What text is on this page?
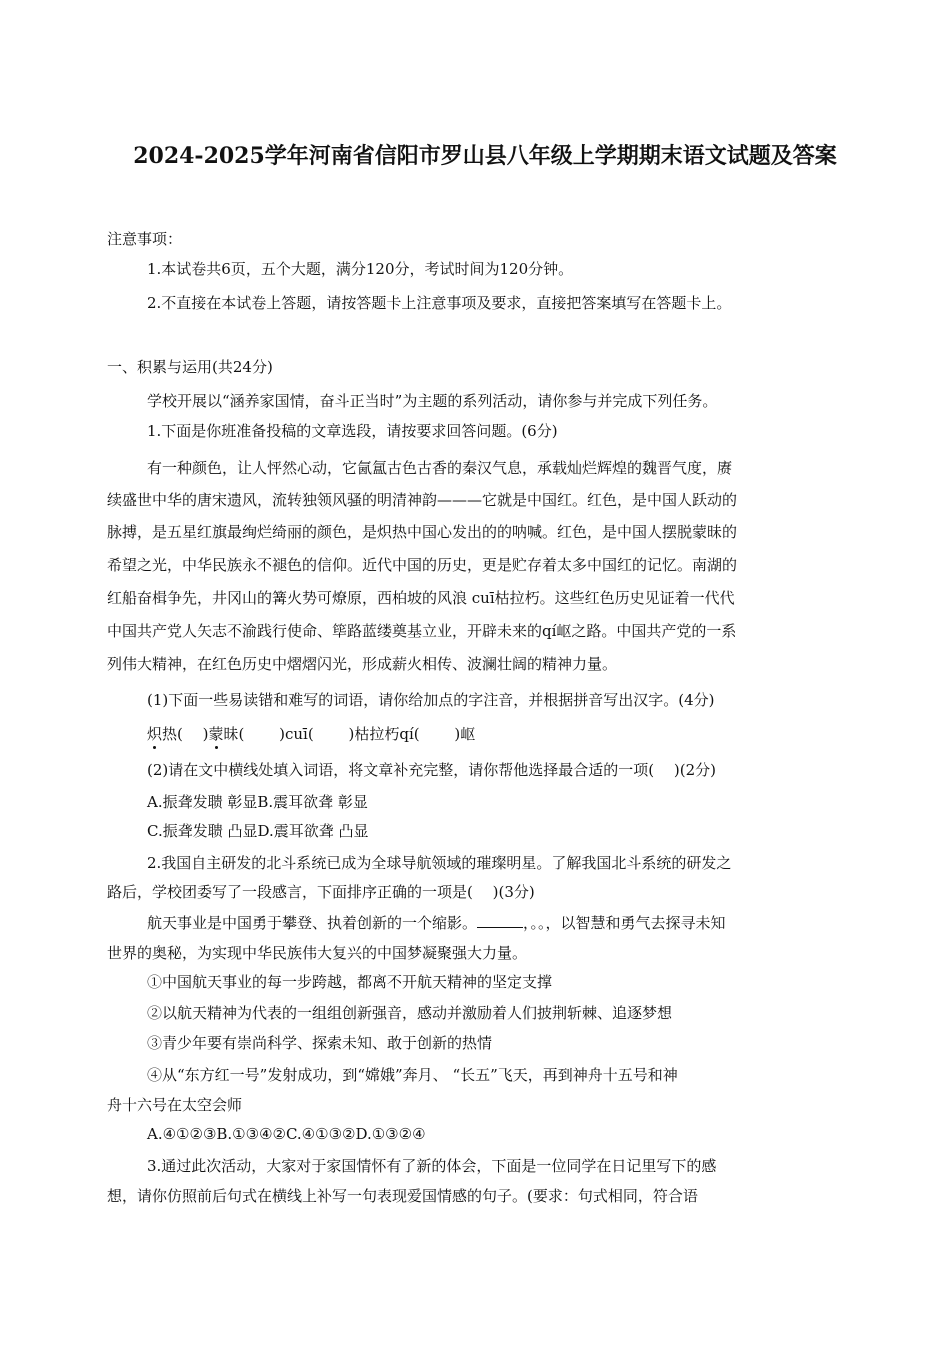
2024-2025学年河南省信阳市罗山县八年级上学期期末语文试题及答案
注意事项：
1.本试卷共6页，五个大题，满分120分，考试时间为120分钟。
2.不直接在本试卷上答题，请按答题卡上注意事项及要求，直接把答案填写在答题卡上。
一、积累与运用(共24分)
学校开展以“涵养家国情，奋斗正当时”为主题的系列活动，请你参与并完成下列任务。
1.下面是你班准备投稿的文章选段，请按要求回答问题。(6分)
有一种颜色，让人怦然心动，它氤氲古色古香的秦汉气息，承载灿烂辉煌的魏晋气度，赓
续盛世中华的唐宋遗风，流转独领风骚的明清神韵———它就是中国红。红色，是中国人跃动的
脉搏，是五星红旗最绚烂绮丽的颜色，是炽热中国心发出的的呐喊。红色，是中国人摆脱蒙昧的
希望之光，中华民族永不褪色的信仰。近代中国的历史，更是贮存着太多中国红的记忆。南湖的
红船奋楫争先，井冈山的篝火势可燎原，西柏坡的风浪 cuī枯拉朽。这些红色历史见证着一代代
中国共产党人矢志不渝践行使命、筚路蓝缕奠基立业，开辟未来的qí岖之路。中国共产党的一系
列伟大精神，在红色历史中熠熠闪光，形成薪火相传、波澜壮阔的精神力量。
(1)下面一些易读错和难写的词语，请你给加点的字注音，并根据拼音写出汉字。(4分)
炽热(　 )蒙昧(　 　)cuī(　 　)枯拉朽qí(　 　)岖
(2)请在文中横线处填入词语，将文章补充完整，请你帮他选择最合适的一项(　 )(2分)
A.振聋发聩 彰显B.震耳欲聋 彰显
C.振聋发聩 凸显D.震耳欲聋 凸显
2.我国自主研发的北斗系统已成为全球导航领域的璀璨明星。了解我国北斗系统的研发之
路后，学校团委写了一段感言，下面排序正确的一项是(　 )(3分)
航天事业是中国勇于攀登、执着创新的一个缩影。	，。。，以智慧和勇气去探寻未知
世界的奥秘，为实现中华民族伟大复兴的中国梦凝聚强大力量。
①中国航天事业的每一步跨越，都离不开航天精神的坚定支撑
②以航天精神为代表的一组组创新强音，感动并激励着人们披荆斩棘、追逐梦想
③青少年要有崇尚科学、探索未知、敢于创新的热情
④从“东方红一号”发射成功，到“嫦娥”奔月、 “长五”飞天，再到神舟十五号和神
舟十六号在太空会师
A.④①②③B.①③④②C.④①③②D.①③②④
3.通过此次活动，大家对于家国情怀有了新的体会，下面是一位同学在日记里写下的感
想，请你仿照前后句式在横线上补写一句表现爱国情感的句子。(要求：句式相同，符合语
